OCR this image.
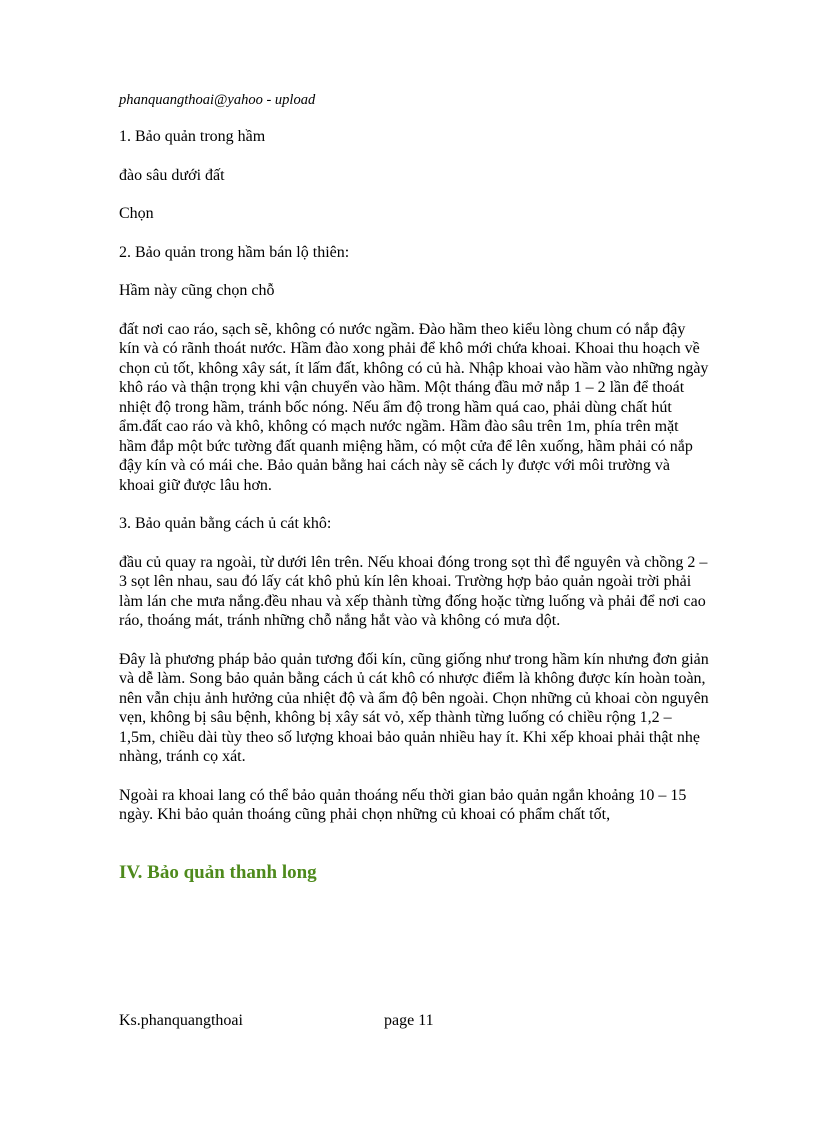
phanquangthoai@yahoo - upload

1. Bảo quản trong hầm

đào sâu dưới đất

Chọn

2. Bảo quản trong hầm bán lộ thiên:

Hầm này cũng chọn chỗ

đất nơi cao ráo, sạch sẽ, không có nước ngầm. Đào hầm theo kiểu lòng chum có nắp đậy kín và có rãnh thoát nước. Hầm đào xong phải để khô mới chứa khoai. Khoai thu hoạch về chọn củ tốt, không xây sát, ít lấm đất, không có củ hà. Nhập khoai vào hầm vào những ngày khô ráo và thận trọng khi vận chuyển vào hầm. Một tháng đầu mở nắp 1 – 2 lần để thoát nhiệt độ trong hầm, tránh bốc nóng. Nếu ẩm độ trong hầm quá cao, phải dùng chất hút ẩm.đất cao ráo và khô, không có mạch nước ngầm. Hầm đào sâu trên 1m, phía trên mặt hầm đắp một bức tường đất quanh miệng hầm, có một cửa để lên xuống, hầm phải có nắp đậy kín và có mái che. Bảo quản bằng hai cách này sẽ cách ly được với môi trường và khoai giữ được lâu hơn.

3. Bảo quản bằng cách ủ cát khô:

đầu củ quay ra ngoài, từ dưới lên trên. Nếu khoai đóng trong sọt thì để nguyên và chồng 2 – 3 sọt lên nhau, sau đó lấy cát khô phủ kín lên khoai. Trường hợp bảo quản ngoài trời phải làm lán che mưa nắng.đều nhau và xếp thành từng đống hoặc từng luống và phải để nơi cao ráo, thoáng mát, tránh những chỗ nắng hắt vào và không có mưa dột.

Đây là phương pháp bảo quản tương đối kín, cũng giống như trong hầm kín nhưng đơn giản và dễ làm. Song bảo quản bằng cách ủ cát khô có nhược điểm là không được kín hoàn toàn, nên vẫn chịu ảnh hưởng của nhiệt độ và ẩm độ bên ngoài. Chọn những củ khoai còn nguyên vẹn, không bị sâu bệnh, không bị xây sát vỏ, xếp thành từng luống có chiều rộng 1,2 – 1,5m, chiều dài tùy theo số lượng khoai bảo quản nhiều hay ít. Khi xếp khoai phải thật nhẹ nhàng, tránh cọ xát.

Ngoài ra khoai lang có thể bảo quản thoáng nếu thời gian bảo quản ngắn khoảng 10 – 15 ngày. Khi bảo quản thoáng cũng phải chọn những củ khoai có phẩm chất tốt,

IV. Bảo quản thanh long
Ks.phanquangthoai	page 11
